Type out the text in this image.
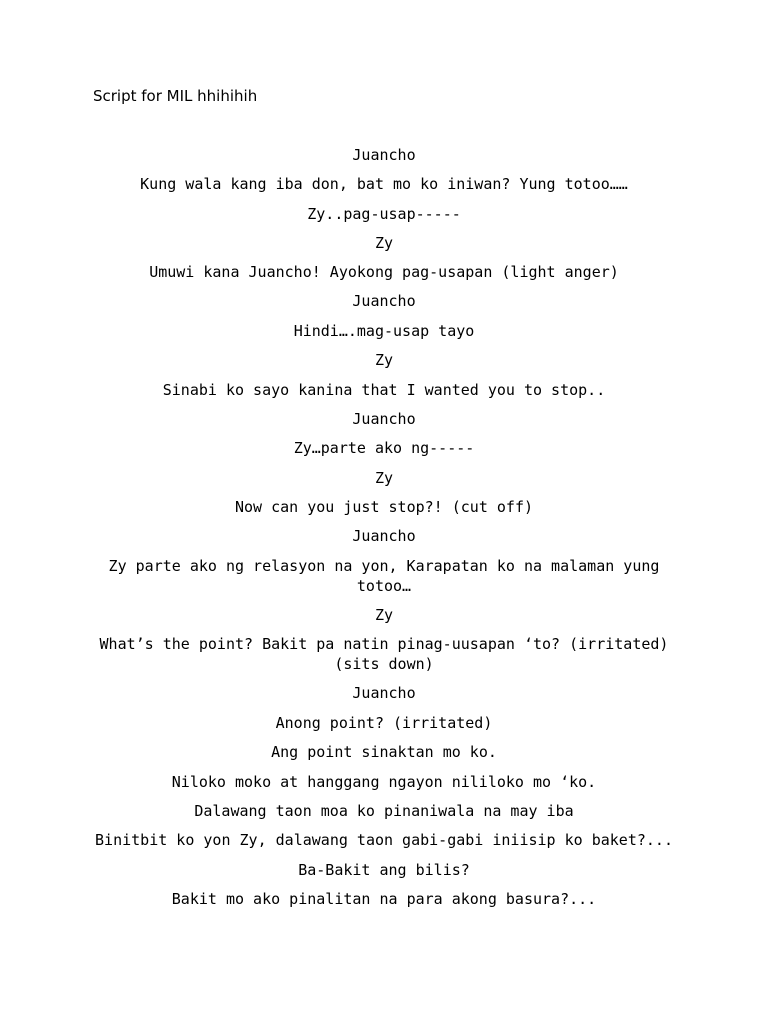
Script for MIL hhihihih
Juancho
Kung wala kang iba don, bat mo ko iniwan? Yung totoo……
Zy..pag-usap-----
Zy
Umuwi kana Juancho! Ayokong pag-usapan (light anger)
Juancho
Hindi….mag-usap tayo
Zy
Sinabi ko sayo kanina that I wanted you to stop..
Juancho
Zy…parte ako ng-----
Zy
Now can you just stop?! (cut off)
Juancho
Zy parte ako ng relasyon na yon, Karapatan ko na malaman yung totoo…
Zy
What’s the point? Bakit pa natin pinag-uusapan ‘to? (irritated) (sits down)
Juancho
Anong point? (irritated)
Ang point sinaktan mo ko.
Niloko moko at hanggang ngayon nililoko mo ‘ko.
Dalawang taon moa ko pinaniwala na may iba
Binitbit ko yon Zy, dalawang taon gabi-gabi iniisip ko baket?...
Ba-Bakit ang bilis?
Bakit mo ako pinalitan na para akong basura?...
